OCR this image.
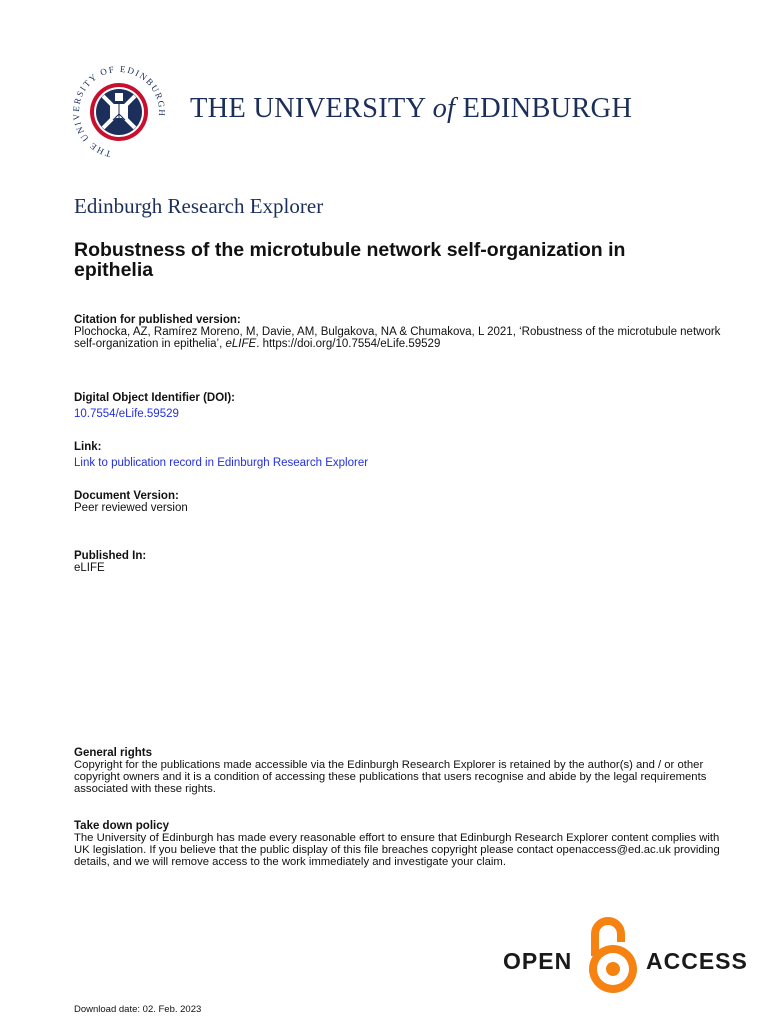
THE UNIVERSITY OF EDINBURGH THE UNIVERSITY of EDINBURGH
Edinburgh Research Explorer
Robustness of the microtubule network self-organization in epithelia
Citation for published version:
Plochocka, AZ, Ramírez Moreno, M, Davie, AM, Bulgakova, NA & Chumakova, L 2021, ‘Robustness of the microtubule network self-organization in epithelia’, eLIFE. https://doi.org/10.7554/eLife.59529
Digital Object Identifier (DOI):
10.7554/eLife.59529
Link:
Link to publication record in Edinburgh Research Explorer
Document Version:
Peer reviewed version
Published In:
eLIFE
General rights
Copyright for the publications made accessible via the Edinburgh Research Explorer is retained by the author(s) and / or other copyright owners and it is a condition of accessing these publications that users recognise and abide by the legal requirements associated with these rights.
Take down policy
The University of Edinburgh has made every reasonable effort to ensure that Edinburgh Research Explorer content complies with UK legislation. If you believe that the public display of this file breaches copyright please contact openaccess@ed.ac.uk providing details, and we will remove access to the work immediately and investigate your claim.
OPEN	ACCESS
Download date: 02. Feb. 2023
